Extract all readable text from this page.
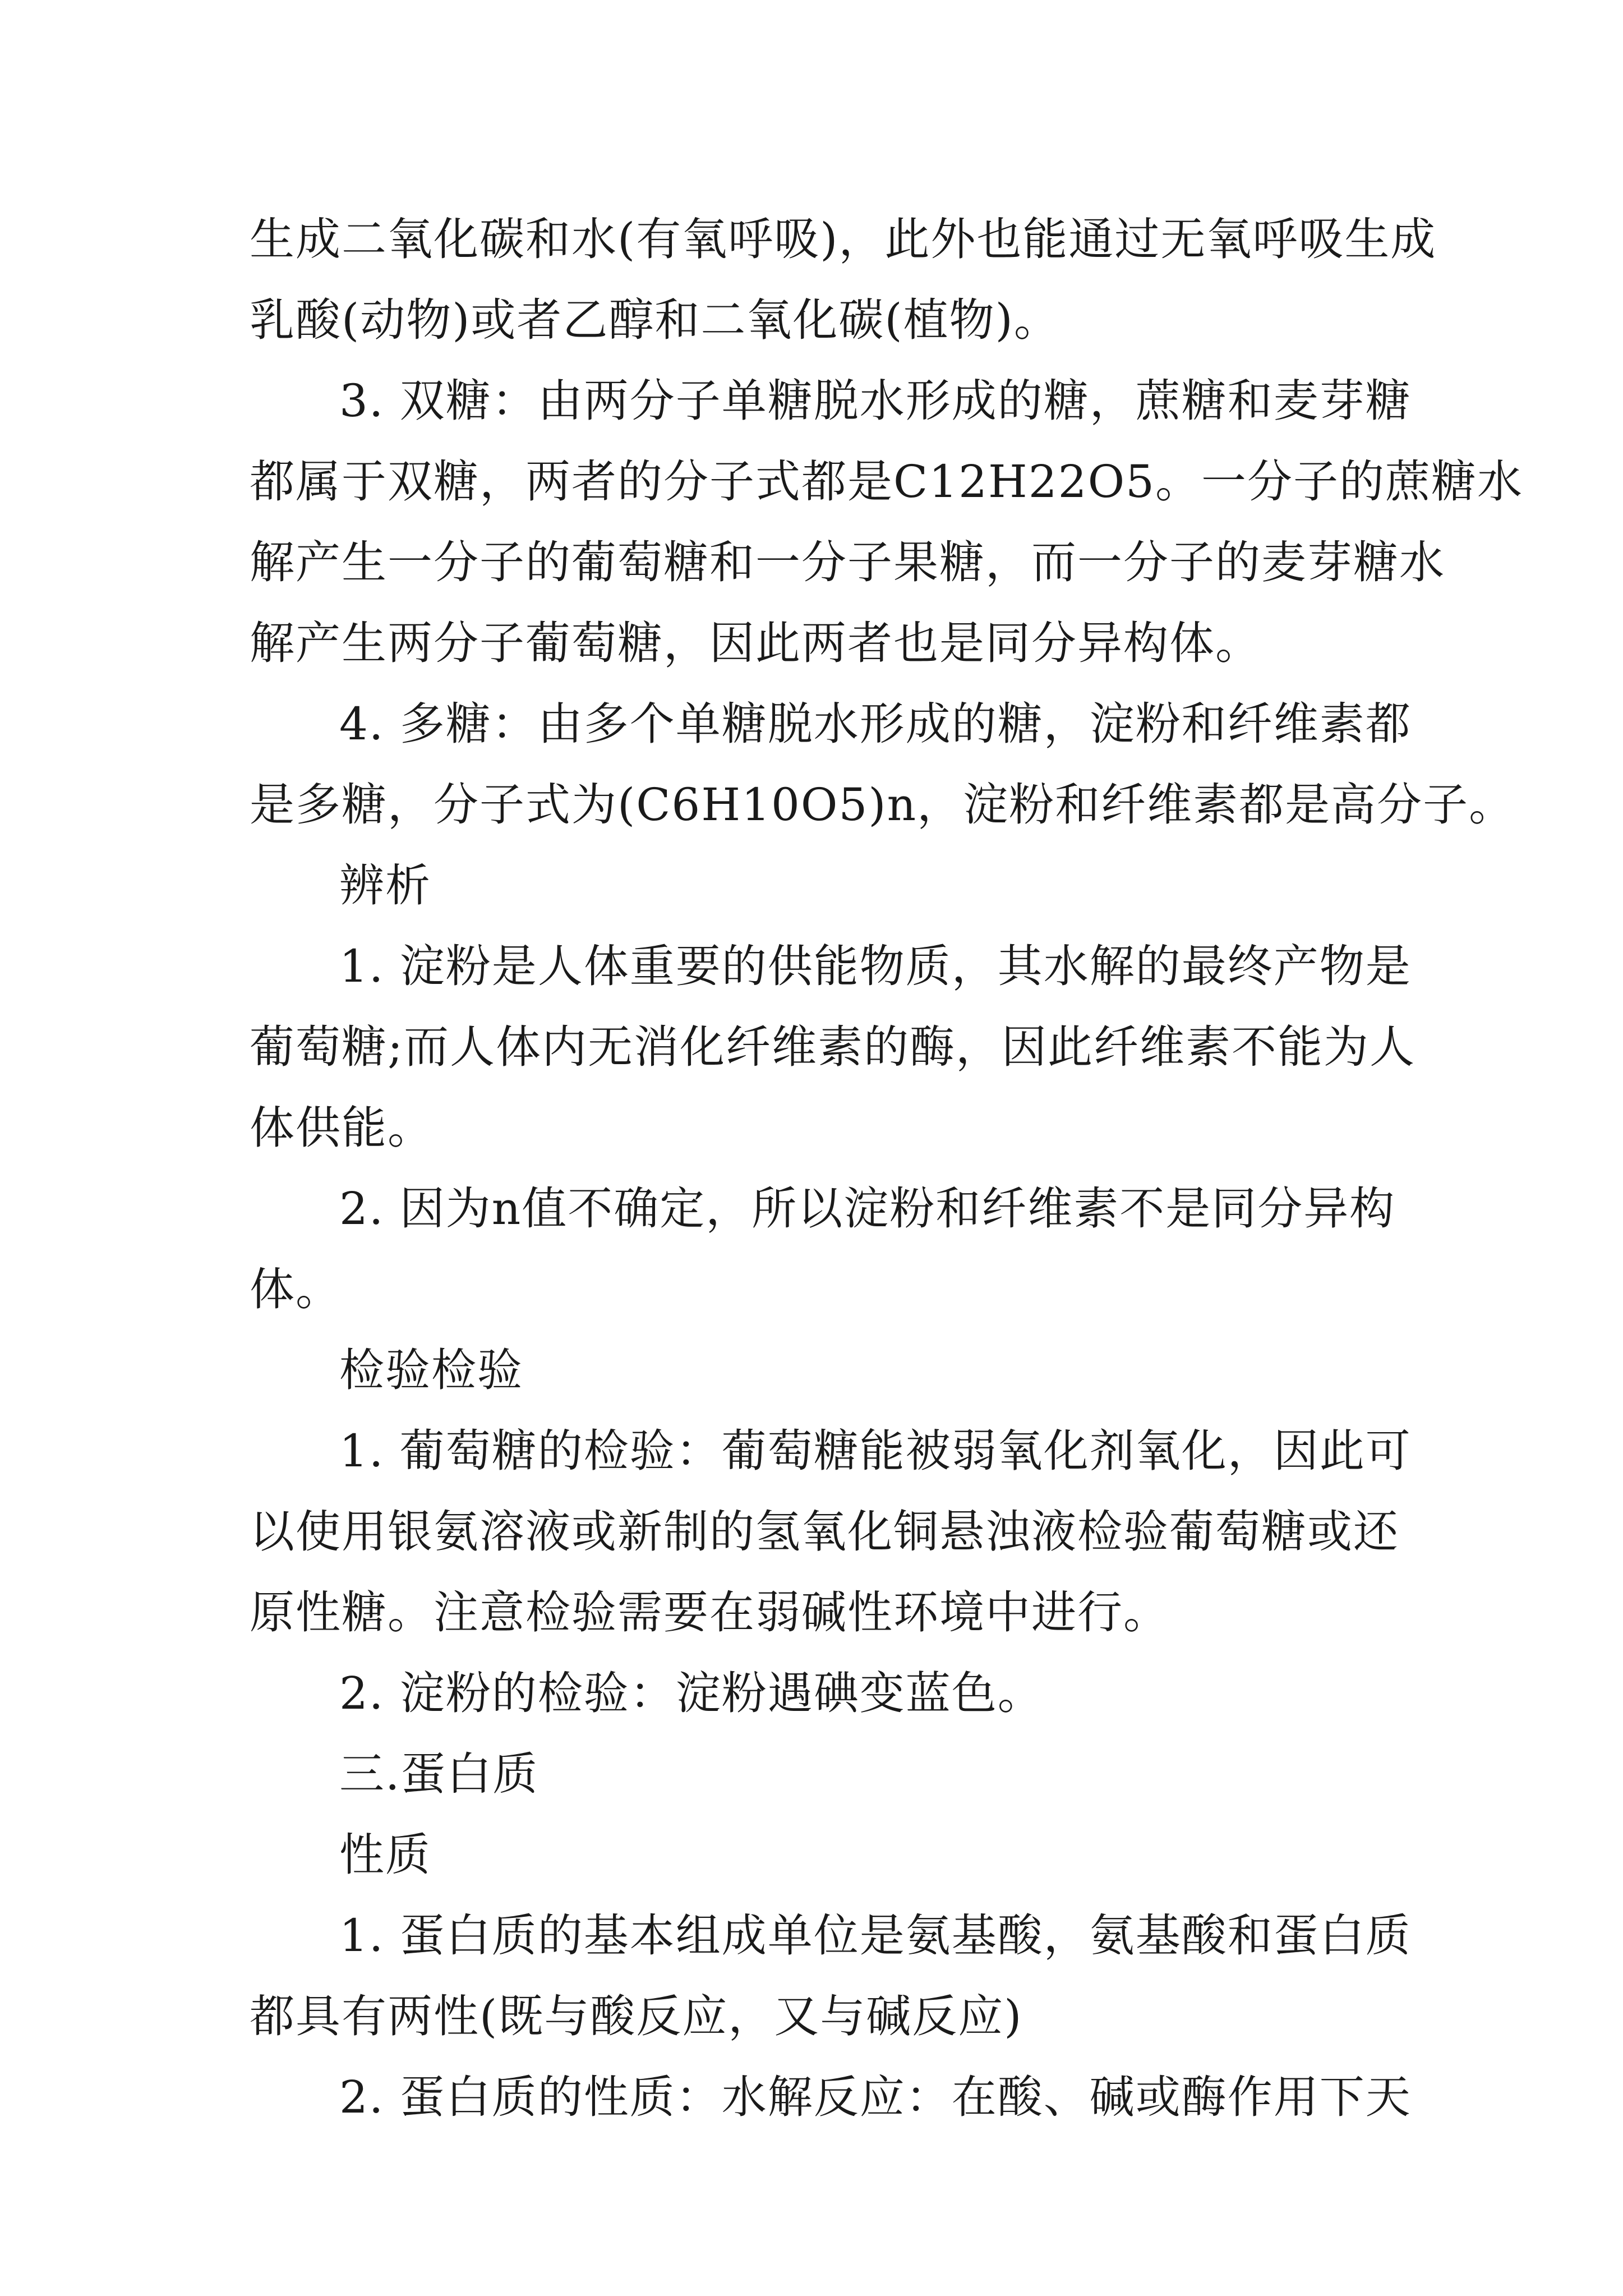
生成二氧化碳和水(有氧呼吸)，此外也能通过无氧呼吸生成

乳酸(动物)或者乙醇和二氧化碳(植物)。

3. 双糖：由两分子单糖脱水形成的糖，蔗糖和麦芽糖

都属于双糖，两者的分子式都是C12H22O5。一分子的蔗糖水

解产生一分子的葡萄糖和一分子果糖，而一分子的麦芽糖水

解产生两分子葡萄糖，因此两者也是同分异构体。

4. 多糖：由多个单糖脱水形成的糖，淀粉和纤维素都

是多糖，分子式为(C6H10O5)n，淀粉和纤维素都是高分子。

辨析

1. 淀粉是人体重要的供能物质，其水解的最终产物是

葡萄糖;而人体内无消化纤维素的酶，因此纤维素不能为人

体供能。

2. 因为n值不确定，所以淀粉和纤维素不是同分异构

体。

检验检验

1. 葡萄糖的检验：葡萄糖能被弱氧化剂氧化，因此可

以使用银氨溶液或新制的氢氧化铜悬浊液检验葡萄糖或还

原性糖。注意检验需要在弱碱性环境中进行。

2. 淀粉的检验：淀粉遇碘变蓝色。

三.蛋白质

性质

1. 蛋白质的基本组成单位是氨基酸，氨基酸和蛋白质

都具有两性(既与酸反应，又与碱反应)

2. 蛋白质的性质：水解反应：在酸、碱或酶作用下天
